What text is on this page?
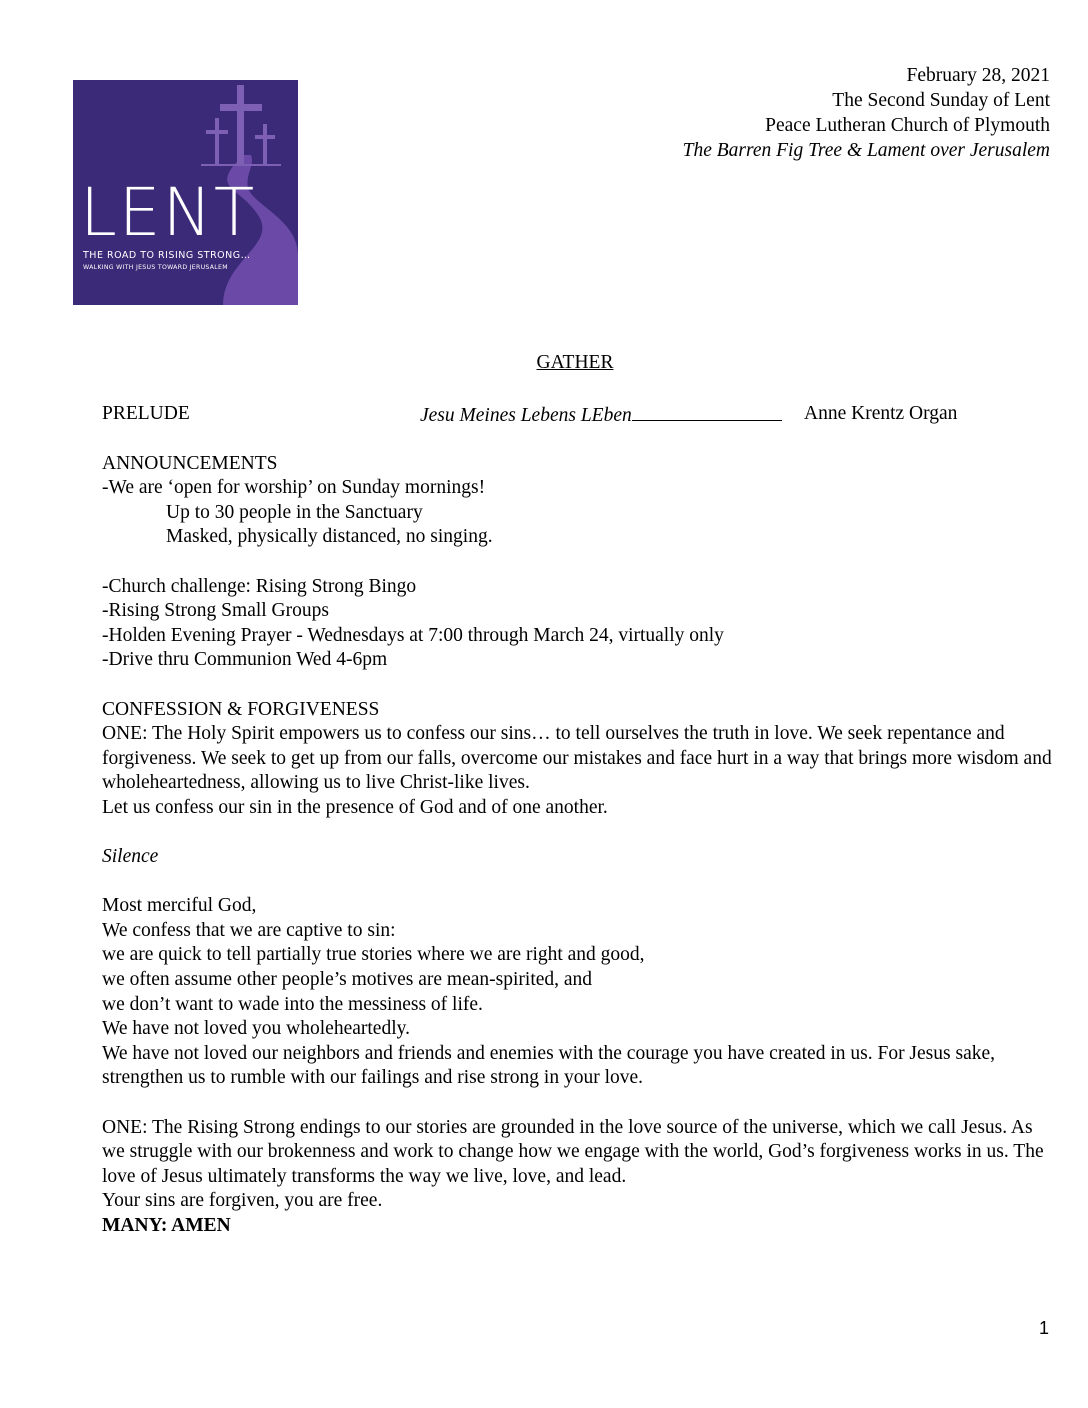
LENT
THE ROAD TO RISING STRONG…
WALKING WITH JESUS TOWARD JERUSALEM
February 28, 2021
The Second Sunday of Lent
Peace Lutheran Church of Plymouth
The Barren Fig Tree & Lament over Jerusalem
GATHER
PRELUDE	Jesu Meines Lebens LEben	Anne Krentz Organ

ANNOUNCEMENTS

-We are ‘open for worship’ on Sunday mornings!

Up to 30 people in the Sanctuary

Masked, physically distanced, no singing.

-Church challenge: Rising Strong Bingo

-Rising Strong Small Groups

-Holden Evening Prayer - Wednesdays at 7:00 through March 24, virtually only

-Drive thru Communion Wed 4-6pm

CONFESSION & FORGIVENESS

ONE: The Holy Spirit empowers us to confess our sins… to tell ourselves the truth in love. We seek repentance and forgiveness. We seek to get up from our falls, overcome our mistakes and face hurt in a way that brings more wisdom and wholeheartedness, allowing us to live Christ-like lives.

Let us confess our sin in the presence of God and of one another.

Silence

Most merciful God,

We confess that we are captive to sin:

we are quick to tell partially true stories where we are right and good,

we often assume other people’s motives are mean-spirited, and

we don’t want to wade into the messiness of life.

We have not loved you wholeheartedly.

We have not loved our neighbors and friends and enemies with the courage you have created in us. For Jesus sake, strengthen us to rumble with our failings and rise strong in your love.

ONE: The Rising Strong endings to our stories are grounded in the love source of the universe, which we call Jesus. As we struggle with our brokenness and work to change how we engage with the world, God’s forgiveness works in us. The love of Jesus ultimately transforms the way we live, love, and lead.

Your sins are forgiven, you are free.

MANY: AMEN

1
